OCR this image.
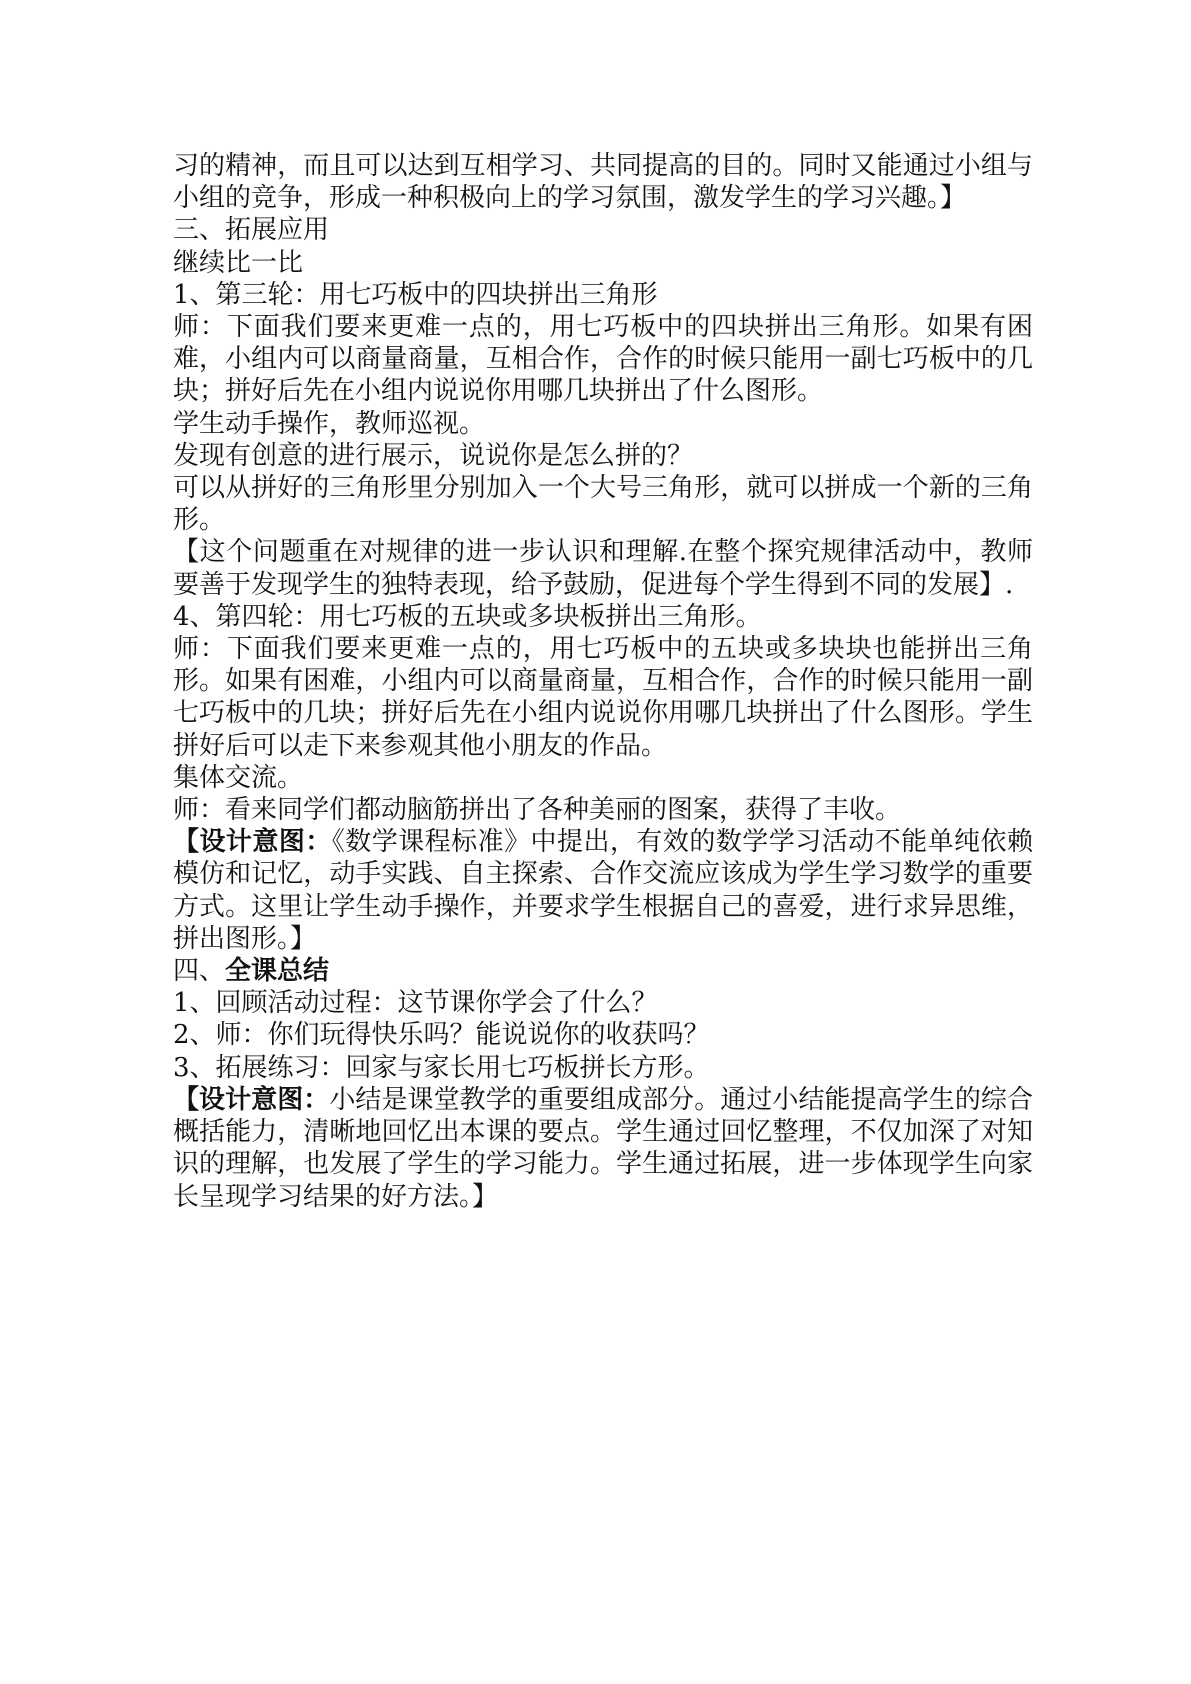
习的精神，而且可以达到互相学习、共同提高的目的。同时又能通过小组与小组的竞争，形成一种积极向上的学习氛围，激发学生的学习兴趣。】

三、拓展应用

继续比一比

1、第三轮：用七巧板中的四块拼出三角形

师：下面我们要来更难一点的，用七巧板中的四块拼出三角形。如果有困难，小组内可以商量商量，互相合作，合作的时候只能用一副七巧板中的几块；拼好后先在小组内说说你用哪几块拼出了什么图形。

学生动手操作，教师巡视。

发现有创意的进行展示，说说你是怎么拼的？

可以从拼好的三角形里分别加入一个大号三角形，就可以拼成一个新的三角形。

【这个问题重在对规律的进一步认识和理解.在整个探究规律活动中，教师要善于发现学生的独特表现，给予鼓励，促进每个学生得到不同的发展】.

4、第四轮：用七巧板的五块或多块板拼出三角形。

师：下面我们要来更难一点的，用七巧板中的五块或多块块也能拼出三角形。如果有困难，小组内可以商量商量，互相合作，合作的时候只能用一副七巧板中的几块；拼好后先在小组内说说你用哪几块拼出了什么图形。学生拼好后可以走下来参观其他小朋友的作品。

集体交流。

师：看来同学们都动脑筋拼出了各种美丽的图案，获得了丰收。

【设计意图：《数学课程标准》中提出，有效的数学学习活动不能单纯依赖模仿和记忆，动手实践、自主探索、合作交流应该成为学生学习数学的重要方式。这里让学生动手操作，并要求学生根据自己的喜爱，进行求异思维，拼出图形。】

四、全课总结

1、回顾活动过程：这节课你学会了什么？

2、师：你们玩得快乐吗？能说说你的收获吗？

3、拓展练习：回家与家长用七巧板拼长方形。

【设计意图：小结是课堂教学的重要组成部分。通过小结能提高学生的综合概括能力，清晰地回忆出本课的要点。学生通过回忆整理，不仅加深了对知识的理解，也发展了学生的学习能力。学生通过拓展，进一步体现学生向家长呈现学习结果的好方法。】
